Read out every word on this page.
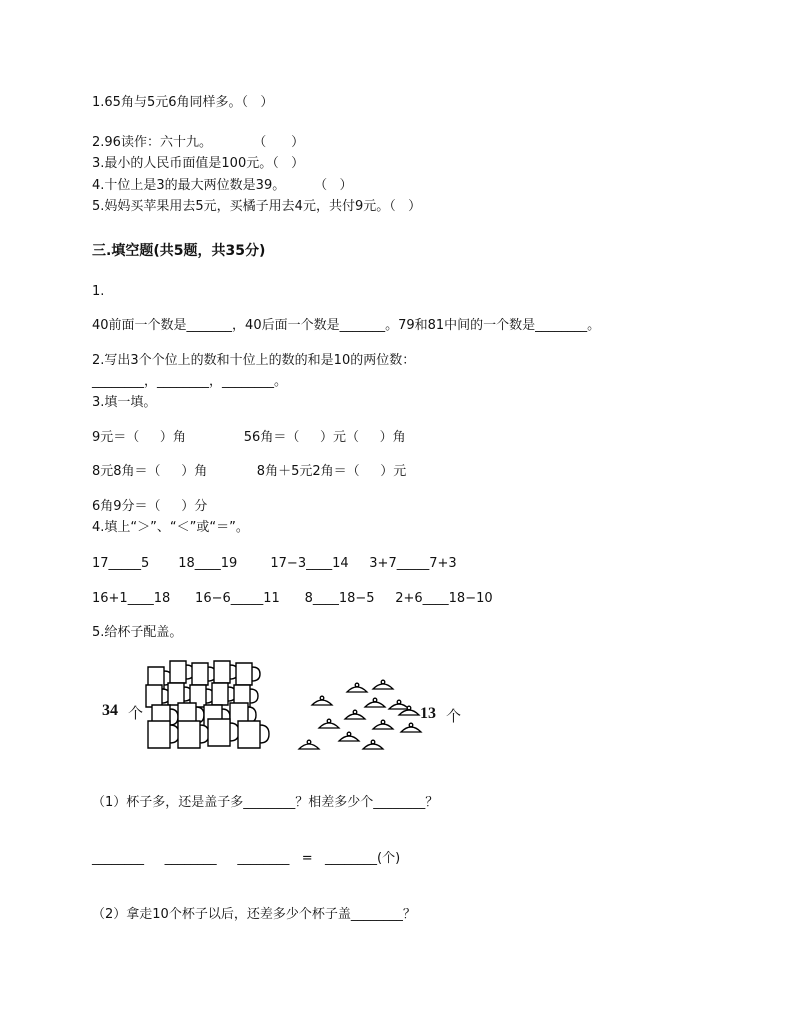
1.65角与5元6角同样多。（   ）
2.96读作：六十九。          （      ）
3.最小的人民币面值是100元。（   ）
4.十位上是3的最大两位数是39。       （   ）
5.妈妈买苹果用去5元，买橘子用去4元，共付9元。（   ）
三.填空题(共5题，共35分)
1.
40前面一个数是_______，40后面一个数是_______。79和81中间的一个数是________。
2.写出3个个位上的数和十位上的数的和是10的两位数：
________，________，________。
3.填一填。
9元＝（     ）角              56角＝（     ）元（     ）角
8元8角＝（     ）角            8角＋5元2角＝（     ）元
6角9分＝（     ）分
4.填上“＞”、“＜”或“＝”。
17_____5       18____19        17−3____14     3+7_____7+3
16+1____18      16−6_____11      8____18−5     2+6____18−10
5.给杯子配盖。
34 个	13 个
（1）杯子多，还是盖子多________？相差多少个________？
________     ________     ________   =   ________(个)
（2）拿走10个杯子以后，还差多少个杯子盖________？
